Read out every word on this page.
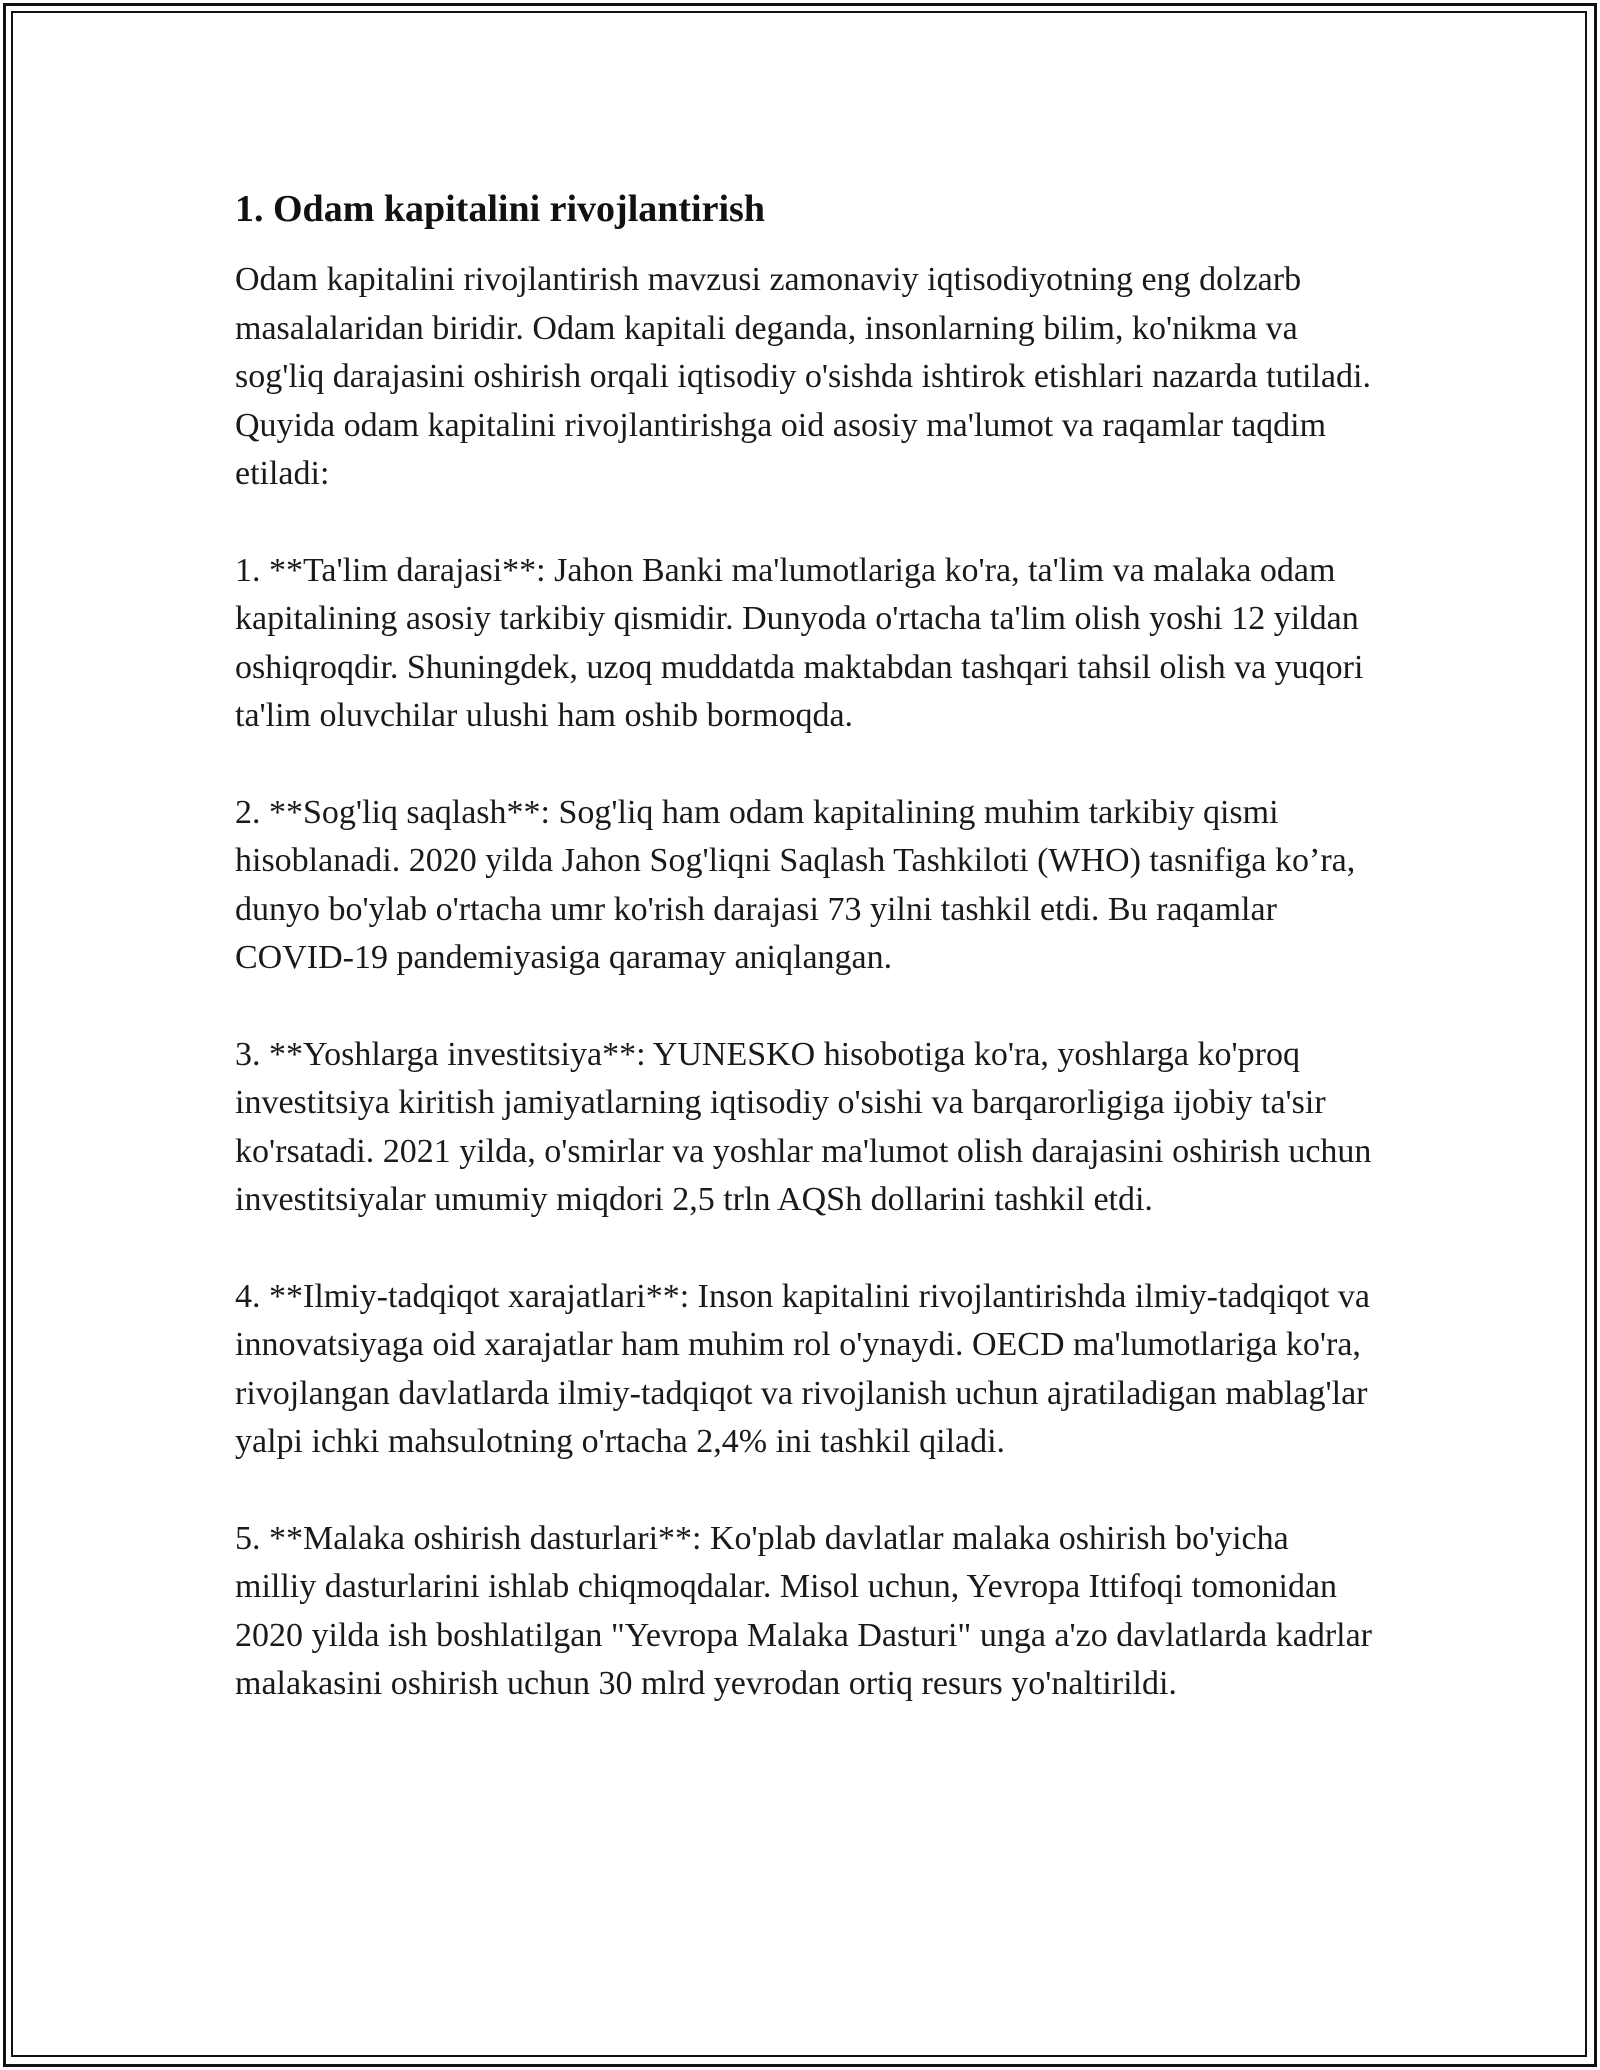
1. Odam kapitalini rivojlantirish

Odam kapitalini rivojlantirish mavzusi zamonaviy iqtisodiyotning eng dolzarb masalalaridan biridir. Odam kapitali deganda, insonlarning bilim, ko'nikma va sog'liq darajasini oshirish orqali iqtisodiy o'sishda ishtirok etishlari nazarda tutiladi. Quyida odam kapitalini rivojlantirishga oid asosiy ma'lumot va raqamlar taqdim etiladi:

1. **Ta'lim darajasi**: Jahon Banki ma'lumotlariga ko'ra, ta'lim va malaka odam kapitalining asosiy tarkibiy qismidir. Dunyoda o'rtacha ta'lim olish yoshi 12 yildan oshiqroqdir. Shuningdek, uzoq muddatda maktabdan tashqari tahsil olish va yuqori ta'lim oluvchilar ulushi ham oshib bormoqda.

2. **Sog'liq saqlash**: Sog'liq ham odam kapitalining muhim tarkibiy qismi hisoblanadi. 2020 yilda Jahon Sog'liqni Saqlash Tashkiloti (WHO) tasnifiga ko’ra, dunyo bo'ylab o'rtacha umr ko'rish darajasi 73 yilni tashkil etdi. Bu raqamlar COVID-19 pandemiyasiga qaramay aniqlangan.

3. **Yoshlarga investitsiya**: YUNESKO hisobotiga ko'ra, yoshlarga ko'proq investitsiya kiritish jamiyatlarning iqtisodiy o'sishi va barqarorligiga ijobiy ta'sir ko'rsatadi. 2021 yilda, o'smirlar va yoshlar ma'lumot olish darajasini oshirish uchun investitsiyalar umumiy miqdori 2,5 trln AQSh dollarini tashkil etdi.

4. **Ilmiy-tadqiqot xarajatlari**: Inson kapitalini rivojlantirishda ilmiy-tadqiqot va innovatsiyaga oid xarajatlar ham muhim rol o'ynaydi. OECD ma'lumotlariga ko'ra, rivojlangan davlatlarda ilmiy-tadqiqot va rivojlanish uchun ajratiladigan mablag'lar yalpi ichki mahsulotning o'rtacha 2,4% ini tashkil qiladi.

5. **Malaka oshirish dasturlari**: Ko'plab davlatlar malaka oshirish bo'yicha milliy dasturlarini ishlab chiqmoqdalar. Misol uchun, Yevropa Ittifoqi tomonidan 2020 yilda ish boshlatilgan "Yevropa Malaka Dasturi" unga a'zo davlatlarda kadrlar malakasini oshirish uchun 30 mlrd yevrodan ortiq resurs yo'naltirildi.
